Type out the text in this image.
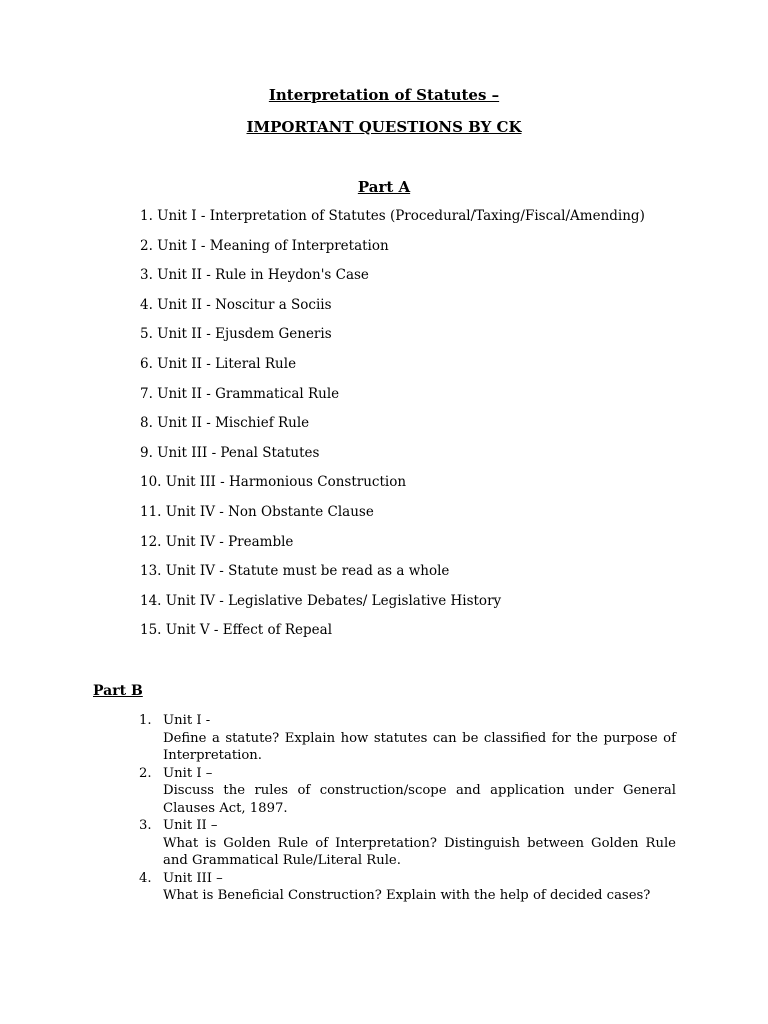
Interpretation of Statutes –
IMPORTANT QUESTIONS BY CK
Part A
1. Unit I - Interpretation of Statutes (Procedural/Taxing/Fiscal/Amending)
2. Unit I - Meaning of Interpretation
3. Unit II - Rule in Heydon's Case
4. Unit II - Noscitur a Sociis
5. Unit II - Ejusdem Generis
6. Unit II - Literal Rule
7. Unit II - Grammatical Rule
8. Unit II - Mischief Rule
9. Unit III - Penal Statutes
10. Unit III - Harmonious Construction
11. Unit IV - Non Obstante Clause
12. Unit IV - Preamble
13. Unit IV - Statute must be read as a whole
14. Unit IV - Legislative Debates/ Legislative History
15. Unit V - Effect of Repeal
Part B
1. Unit I -
Define a statute? Explain how statutes can be classified for the purpose of Interpretation.
2. Unit I –
Discuss the rules of construction/scope and application under General Clauses Act, 1897.
3. Unit II –
What is Golden Rule of Interpretation? Distinguish between Golden Rule and Grammatical Rule/Literal Rule.
4. Unit III –
What is Beneficial Construction? Explain with the help of decided cases?
